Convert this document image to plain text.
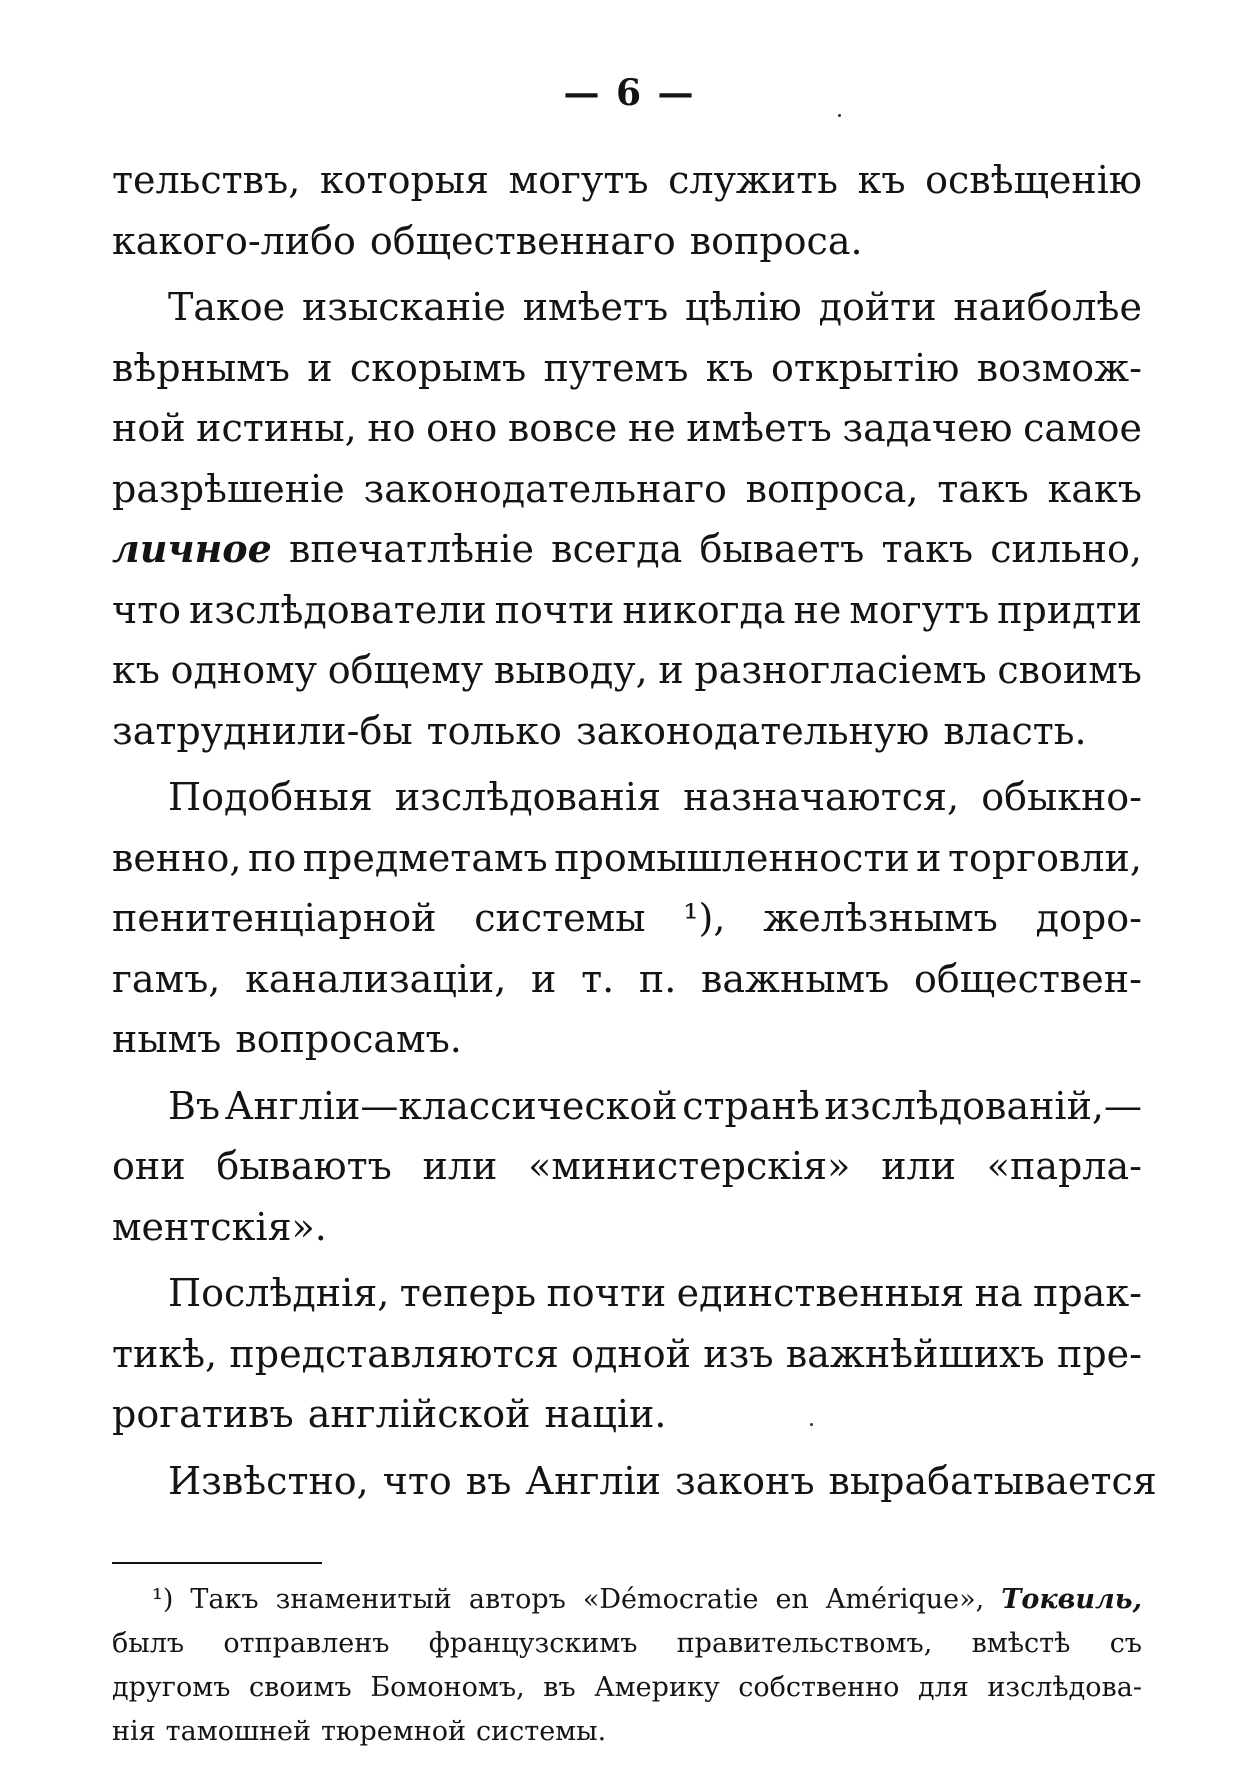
— 6 —
тельствъ, которыя могутъ служить къ освѣщенію
какого-либо общественнаго вопроса.
Такое изысканіе имѣетъ цѣлію дойти наиболѣе
вѣрнымъ и скорымъ путемъ къ открытію возмож-
ной истины, но оно вовсе не имѣетъ задачею самое
разрѣшеніе законодательнаго вопроса, такъ какъ
личное впечатлѣніе всегда бываетъ такъ сильно,
что изслѣдователи почти никогда не могутъ придти
къ одному общему выводу, и разногласіемъ своимъ
затруднили-бы только законодательную власть.
Подобныя изслѣдованія назначаются, обыкно-
венно, по предметамъ промышленности и торговли,
пенитенціарной системы ¹), желѣзнымъ доро-
гамъ, канализаціи, и т. п. важнымъ обществен-
нымъ вопросамъ.
Въ Англіи—классической странѣ изслѣдованій,—
они бываютъ или «министерскія» или «парла-
ментскія».
Послѣднія, теперь почти единственныя на прак-
тикѣ, представляются одной изъ важнѣйшихъ пре-
рогативъ англійской націи.
Извѣстно, что въ Англіи законъ вырабатывается
¹) Такъ знаменитый авторъ «Démocratie en Amérique», Токвиль,
былъ отправленъ французскимъ правительствомъ, вмѣстѣ съ
другомъ своимъ Бомономъ, въ Америку собственно для изслѣдова-
нія тамошней тюремной системы.
